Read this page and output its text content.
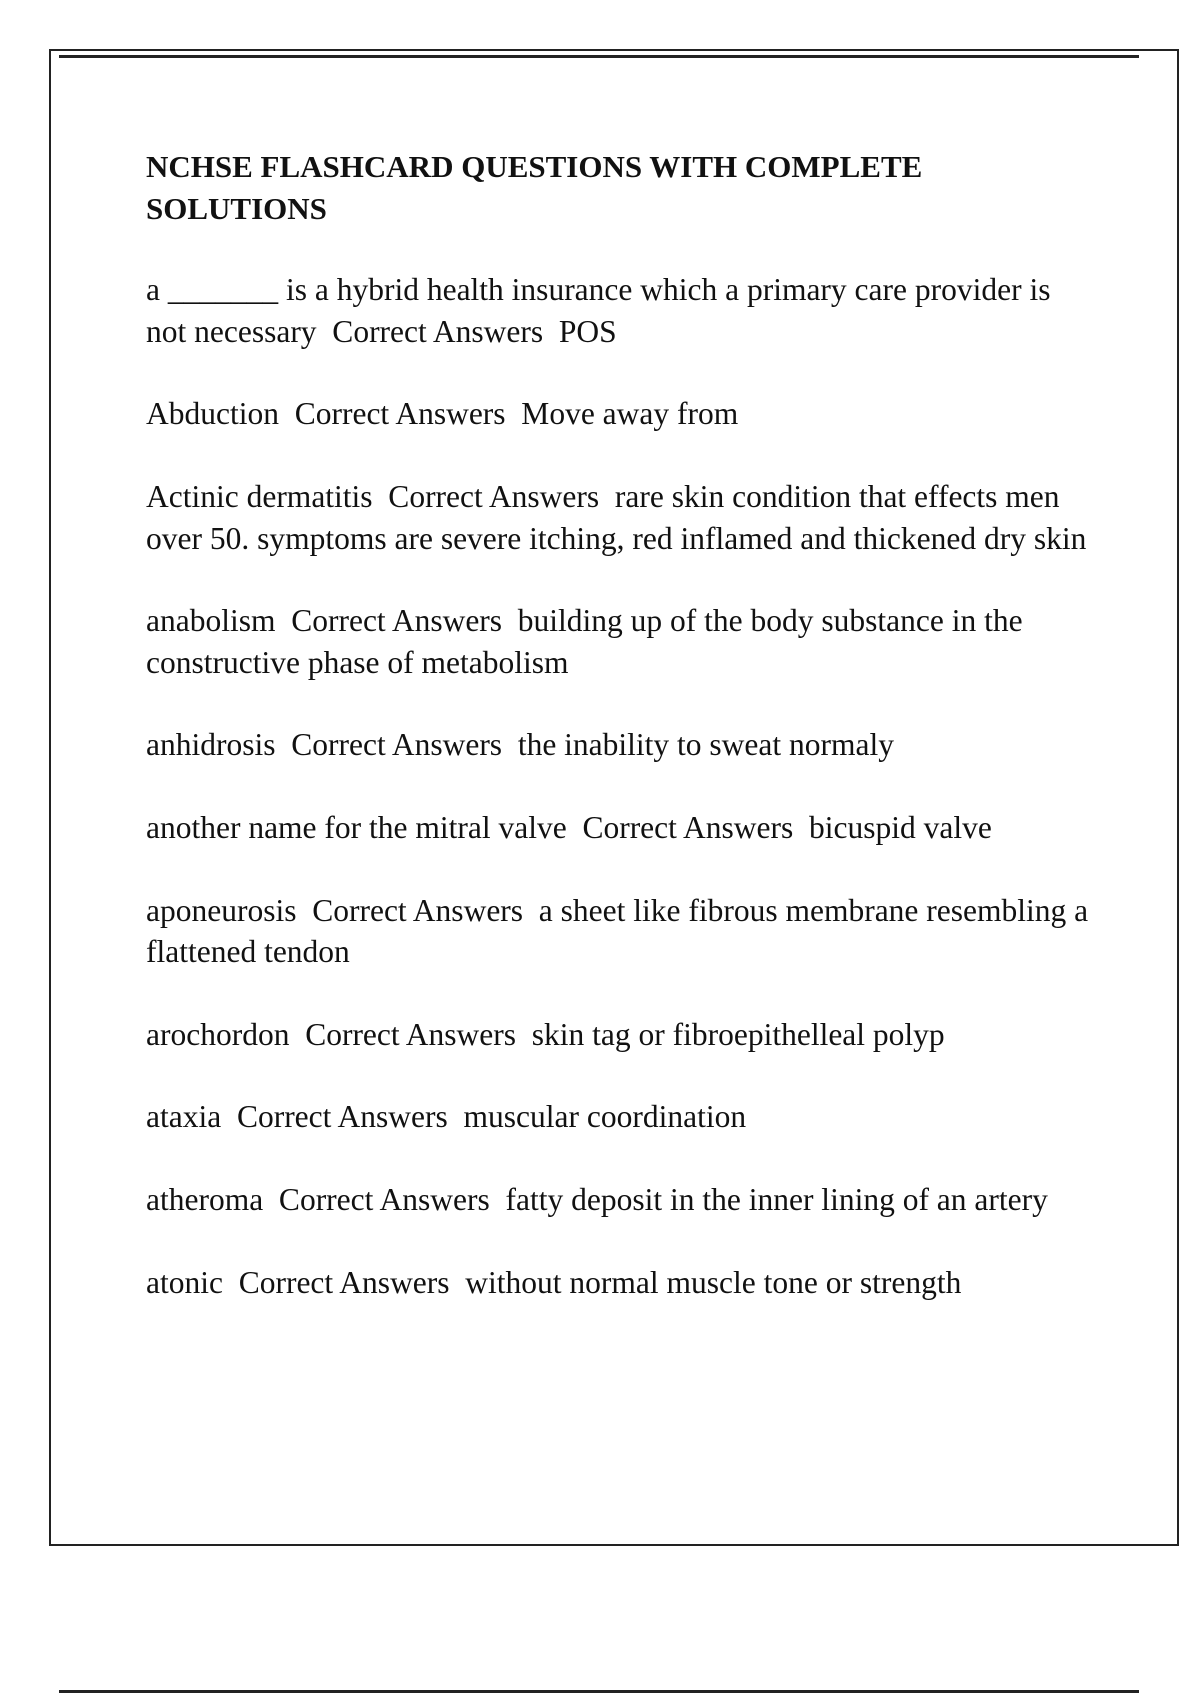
NCHSE FLASHCARD QUESTIONS WITH COMPLETE SOLUTIONS

a _______ is a hybrid health insurance which a primary care provider is not necessary  Correct Answers  POS

Abduction  Correct Answers  Move away from

Actinic dermatitis  Correct Answers  rare skin condition that effects men over 50. symptoms are severe itching, red inflamed and thickened dry skin

anabolism  Correct Answers  building up of the body substance in the constructive phase of metabolism

anhidrosis  Correct Answers  the inability to sweat normaly

another name for the mitral valve  Correct Answers  bicuspid valve

aponeurosis  Correct Answers  a sheet like fibrous membrane resembling a flattened tendon

arochordon  Correct Answers  skin tag or fibroepithelleal polyp

ataxia  Correct Answers  muscular coordination

atheroma  Correct Answers  fatty deposit in the inner lining of an artery

atonic  Correct Answers  without normal muscle tone or strength
